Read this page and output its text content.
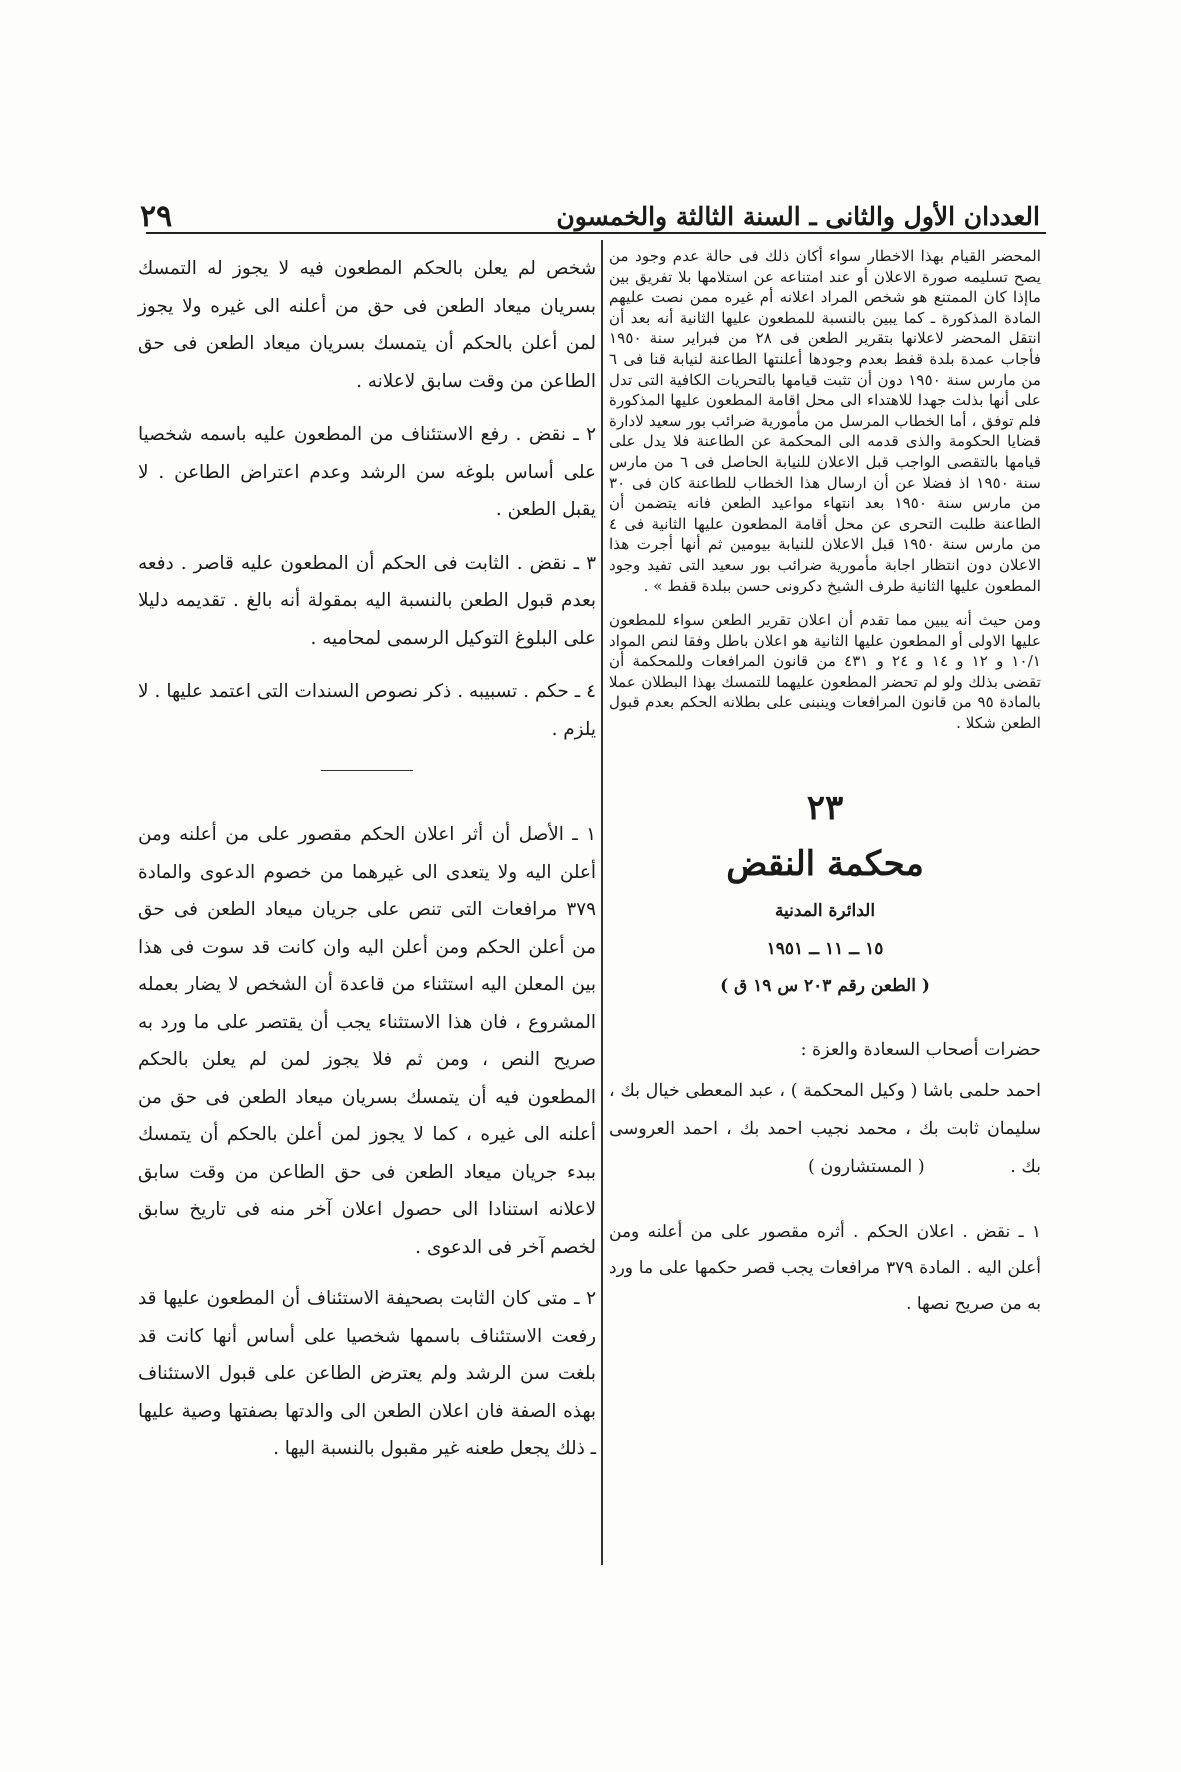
العددان الأول والثانى ـ السنة الثالثة والخمسون
٢٩

المحضر القيام بهذا الاخطار سواء أكان ذلك فى حالة عدم وجود من يصح تسليمه صورة الاعلان أو عند امتناعه عن استلامها بلا تفريق بين ماإذا كان الممتنع هو شخص المراد اعلانه أم غيره ممن نصت عليهم المادة المذكورة ـ كما يبين بالنسبة للمطعون عليها الثانية أنه بعد أن انتقل المحضر لاعلانها بتقرير الطعن فى ٢٨ من فبراير سنة ١٩٥٠ فأجاب عمدة بلدة قفط بعدم وجودها أعلنتها الطاعنة لنيابة قنا فى ٦ من مارس سنة ١٩٥٠ دون أن تثبت قيامها بالتحريات الكافية التى تدل على أنها بذلت جهدا للاهتداء الى محل اقامة المطعون عليها المذكورة فلم توفق ، أما الخطاب المرسل من مأمورية ضرائب بور سعيد لادارة قضايا الحكومة والذى قدمه الى المحكمة عن الطاعنة فلا يدل على قيامها بالتقصى الواجب قبل الاعلان للنيابة الحاصل فى ٦ من مارس سنة ١٩٥٠ اذ فضلا عن أن ارسال هذا الخطاب للطاعنة كان فى ٣٠ من مارس سنة ١٩٥٠ بعد انتهاء مواعيد الطعن فانه يتضمن أن الطاعنة طلبت التحرى عن محل أقامة المطعون عليها الثانية فى ٤ من مارس سنة ١٩٥٠ قبل الاعلان للنيابة بيومين ثم أنها أجرت هذا الاعلان دون انتظار اجابة مأمورية ضرائب بور سعيد التى تفيد وجود المطعون عليها الثانية طرف الشيخ دكرونى حسن ببلدة قفط » .

ومن حيث أنه يبين مما تقدم أن اعلان تقرير الطعن سواء للمطعون عليها الاولى أو المطعون عليها الثانية هو اعلان باطل وفقا لنص المواد ١٠/١ و ١٢ و ١٤ و ٢٤ و ٤٣١ من قانون المرافعات وللمحكمة أن تقضى بذلك ولو لم تحضر المطعون عليهما للتمسك بهذا البطلان عملا بالمادة ٩٥ من قانون المرافعات وينبنى على بطلانه الحكم بعدم قبول الطعن شكلا .

٢٣
محكمة النقض
الدائرة المدنية
١٥ ــ ١١ ــ ١٩٥١
( الطعن رقم ٢٠٣ س ١٩ ق )
حضرات أصحاب السعادة والعزة :
احمد حلمى باشا ( وكيل المحكمة ) ، عبد المعطى خيال بك ، سليمان ثابت بك ، محمد نجيب احمد بك ، احمد العروسى بك . ( المستشارون )

١ ـ نقض . اعلان الحكم . أثره مقصور على من أعلنه ومن أعلن اليه . المادة ٣٧٩ مرافعات يجب قصر حكمها على ما ورد به من صريح نصها .

شخص لم يعلن بالحكم المطعون فيه لا يجوز له التمسك بسريان ميعاد الطعن فى حق من أعلنه الى غيره ولا يجوز لمن أعلن بالحكم أن يتمسك بسريان ميعاد الطعن فى حق الطاعن من وقت سابق لاعلانه .

٢ ـ نقض . رفع الاستئناف من المطعون عليه باسمه شخصيا على أساس بلوغه سن الرشد وعدم اعتراض الطاعن . لا يقبل الطعن .

٣ ـ نقض . الثابت فى الحكم أن المطعون عليه قاصر . دفعه بعدم قبول الطعن بالنسبة اليه بمقولة أنه بالغ . تقديمه دليلا على البلوغ التوكيل الرسمى لمحاميه .

٤ ـ حكم . تسبيبه . ذكر نصوص السندات التى اعتمد عليها . لا يلزم .

١ ـ الأصل أن أثر اعلان الحكم مقصور على من أعلنه ومن أعلن اليه ولا يتعدى الى غيرهما من خصوم الدعوى والمادة ٣٧٩ مرافعات التى تنص على جريان ميعاد الطعن فى حق من أعلن الحكم ومن أعلن اليه وان كانت قد سوت فى هذا بين المعلن اليه استثناء من قاعدة أن الشخص لا يضار بعمله المشروع ، فان هذا الاستثناء يجب أن يقتصر على ما ورد به صريح النص ، ومن ثم فلا يجوز لمن لم يعلن بالحكم المطعون فيه أن يتمسك بسريان ميعاد الطعن فى حق من أعلنه الى غيره ، كما لا يجوز لمن أعلن بالحكم أن يتمسك ببدء جريان ميعاد الطعن فى حق الطاعن من وقت سابق لاعلانه استنادا الى حصول اعلان آخر منه فى تاريخ سابق لخصم آخر فى الدعوى .

٢ ـ متى كان الثابت بصحيفة الاستئناف أن المطعون عليها قد رفعت الاستئناف باسمها شخصيا على أساس أنها كانت قد بلغت سن الرشد ولم يعترض الطاعن على قبول الاستئناف بهذه الصفة فان اعلان الطعن الى والدتها بصفتها وصية عليها ـ ذلك يجعل طعنه غير مقبول بالنسبة اليها .
